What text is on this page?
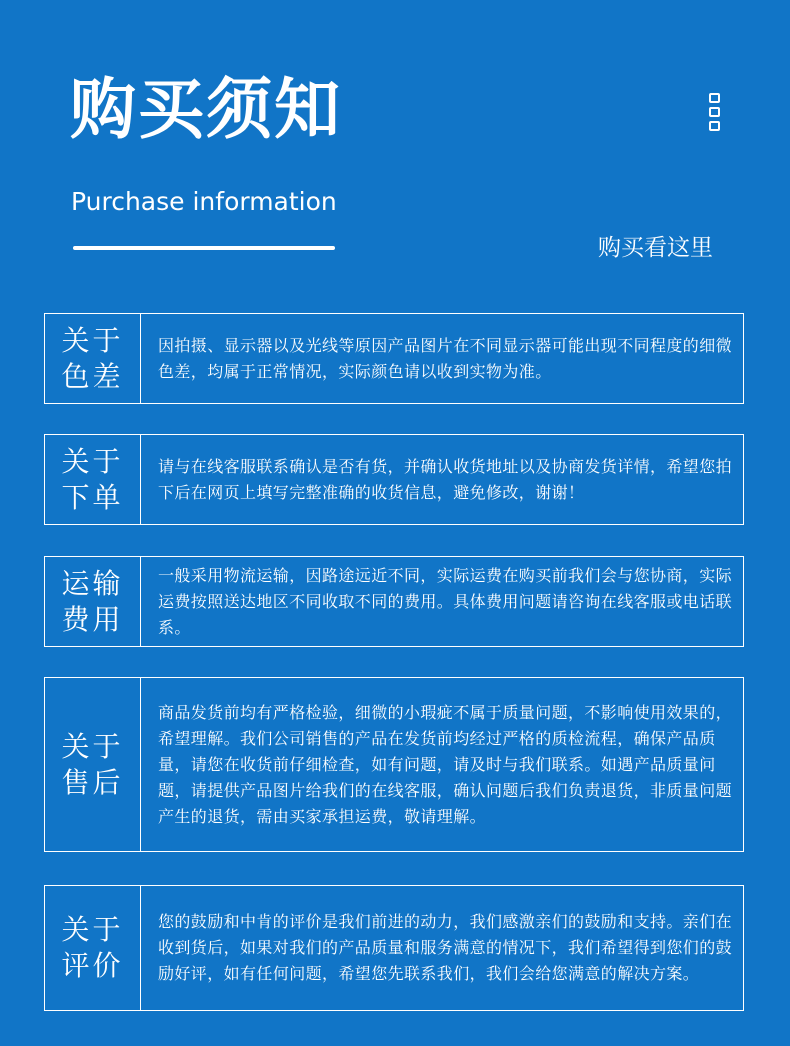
购买须知
Purchase information
购买看这里
关于
色差
因拍摄、显示器以及光线等原因产品图片在不同显示器可能出现不同程度的细微色差，均属于正常情况，实际颜色请以收到实物为准。
关于
下单
请与在线客服联系确认是否有货，并确认收货地址以及协商发货详情，希望您拍下后在网页上填写完整准确的收货信息，避免修改，谢谢！
运输
费用
一般采用物流运输，因路途远近不同，实际运费在购买前我们会与您协商，实际运费按照送达地区不同收取不同的费用。具体费用问题请咨询在线客服或电话联系。
关于
售后
商品发货前均有严格检验，细微的小瑕疵不属于质量问题，不影响使用效果的，希望理解。我们公司销售的产品在发货前均经过严格的质检流程，确保产品质量，请您在收货前仔细检查，如有问题，请及时与我们联系。如遇产品质量问题，请提供产品图片给我们的在线客服，确认问题后我们负责退货，非质量问题产生的退货，需由买家承担运费，敬请理解。
关于
评价
您的鼓励和中肯的评价是我们前进的动力，我们感激亲们的鼓励和支持。亲们在收到货后，如果对我们的产品质量和服务满意的情况下，我们希望得到您们的鼓励好评，如有任何问题，希望您先联系我们，我们会给您满意的解决方案。
